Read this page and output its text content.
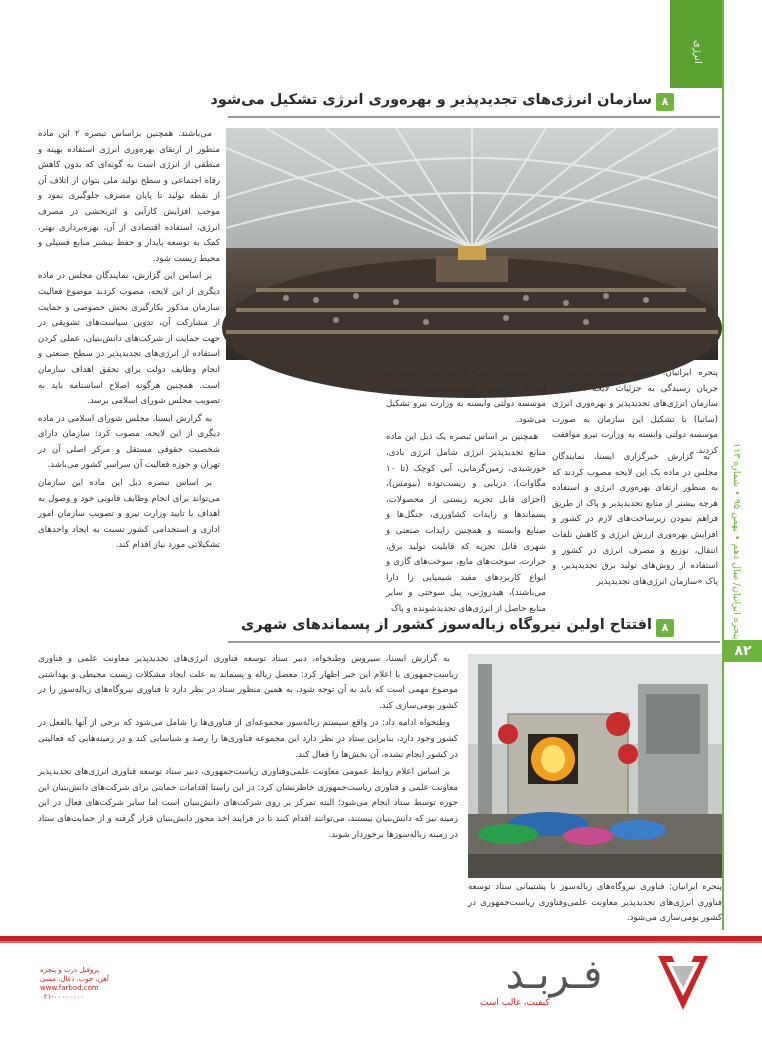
انرژی
پنجره ایرانیان/ سال دهم • بهمن ۹۵ • شماره ۱۱۳
۸۲
۸
سازمان انرژی‌های تجدیدپذیر و بهره‌وری انرژی تشکیل می‌شود
پنجره ایرانیان: مجلس شورای اسلامی در جریان رسیدگی به جزئیات لایحه اساسنامه سازمان انرژی‌های تجدیدپذیر و بهره‌وری انرژی (ساتبا) با تشکیل این سازمان به صورت موسسه دولتی وابسته به وزارت نیرو موافقت کردند.

به گزارش خبرگزاری ایسنا، نمایندگان مجلس در ماده یک این لایحه مصوب کردند که به منظور ارتقای بهره‌وری انرژی و استفاده هرچه بیشتر از منابع تجدیدپذیر و پاک از طریق فراهم نمودن زیرساخت‌های لازم در کشور و افزایش بهره‌وری ارزش انرژی و کاهش تلفات انتقال، توزیع و مصرف انرژی در کشور و استفاده از روش‌های تولید برق تجدیدپذیر، و پاک «سازمان انرژی‌های تجدیدپذیر

و بهره‌وری انرژی» که در این اساسنامه به اختصار «سازمان» نامیده می‌شود، به صورت موسسه دولتی وابسته به وزارت نیرو تشکیل می‌شود.

همچنین بر اساس تبصره یک ذیل این ماده منابع تجدیدپذیر انرژی شامل انرژی بادی، خورشیدی، زمین‌گرمایی، آبی کوچک (تا ۱۰ مگاوات)، دریایی و زیست‌توده (بیومس)، (اجزای قابل تجزیه زیستی از محصولات، پسماندها و زایدات کشاورزی، جنگل‌ها و صنایع وابسته و همچنین زایدات صنعتی و شهری قابل تجزیه که قابلیت تولید برق، حرارت، سوخت‌های مایع، سوخت‌های گازی و انواع کاربردهای مفید شیمیایی را دارا می‌باشند)، هیدروژنی، پیل سوختی و سایر منابع حاصل از انرژی‌های تجدیدشونده و پاک

می‌باشند. همچنین براساس تبصره ۲ این ماده منظور از ارتقای بهره‌وری انرژی استفاده بهینه و منطقی از انرژی است به گونه‌ای که بدون کاهش رفاه اجتماعی و سطح تولید ملی بتوان از اتلاف آن از نقطه تولید تا پایان مصرف جلوگیری نمود و موجب افزایش کارآیی و اثربخشی در مصرف انرژی، استفاده اقتصادی از آن، بهره‌برداری بهتر، کمک به توسعه پایدار و حفظ بیشتر منابع فسیلی و محیط زیست شود.

بر اساس این گزارش، نمایندگان مجلس در ماده دیگری از این لایحه، مصوب کردند موضوع فعالیت سازمان مذکور بکارگیری بخش خصوصی و حمایت از مشارکت آن، تدوین سیاست‌های تشویقی در جهت حمایت از شرکت‌های دانش‌بنیان، عملی کردن استفاده از انرژی‌های تجدیدپذیر در سطح صنعتی و انجام وظایف دولت برای تحقق اهداف سازمان است. همچنین هرگونه اصلاح اساسنامه باید به تصویب مجلس شورای اسلامی برسد.

به گزارش ایسنا، مجلس شورای اسلامی در ماده دیگری از این لایحه، مصوب کرد: سازمان دارای شخصیت حقوقی مستقل و مرکز اصلی آن در تهران و حوزه فعالیت آن سراسر کشور می‌باشد.

بر اساس تبصره ذیل این ماده این سازمان می‌تواند برای انجام وظایف قانونی خود و وصول به اهداف با تایید وزارت نیرو و تصویب سازمان امور اداری و استخدامی کشور نسبت به ایجاد واحدهای تشکیلاتی مورد نیاز اقدام کند.

۸
افتتاح اولین نیروگاه زباله‌سوز کشور از پسماندهای شهری
پنجره ایرانیان: فناوری نیروگاه‌های زباله‌سوز با پشتیبانی ستاد توسعه فناوری انرژی‌های تجدیدپذیر معاونت علمی‌وفناوری ریاست‌جمهوری در کشور بومی‌سازی می‌شود.

به گزارش ایسنا، سیروس وطنخواه، دبیر ستاد توسعه فناوری انرژی‌های تجدیدپذیر معاونت علمی و فناوری ریاست‌جمهوری با اعلام این خبر اظهار کرد: معضل زباله و پسماند به علت ایجاد مشکلات زیست محیطی و بهداشتی موضوع مهمی است که باید به آن توجه شود، به همین منظور ستاد در نظر دارد تا فناوری نیروگاه‌های زباله‌سوز را در کشور بومی‌سازی کند.

وطنخواه ادامه داد: در واقع سیستم زباله‌سوز مجموعه‌ای از فناوری‌ها را شامل می‌شود که برخی از آنها بالفعل در کشور وجود دارد، بنابراین ستاد در نظر دارد این مجموعه فناوری‌ها را رصد و شناسایی کند و در زمینه‌هایی که فعالیتی در کشور انجام نشده، آن بخش‌ها را فعال کند.

بر اساس اعلام روابط عمومی معاونت علمی‌وفناوری ریاست‌جمهوری، دبیر ستاد توسعه فناوری انرژی‌های تجدیدپذیر معاونت علمی و فناوری ریاست‌جمهوری خاطرنشان کرد: در این راستا اقدامات حمایتی برای شرکت‌های دانش‌بنیان این حوزه توسط ستاد انجام می‌شود؛ البته تمرکز بر روی شرکت‌های دانش‌بنیان است اما سایر شرکت‌های فعال در این زمینه نیز که دانش‌بنیان نیستند، می‌توانند اقدام کنند تا در فرایند اخذ مجوز دانش‌بنیان قرار گرفته و از حمایت‌های ستاد در زمینه زباله‌سوزها برخوردار شوند.

فـربـد
کیفیت، غالب است
پروفیل درب و پنجره
آهن، چوب، ذغال، مسی
www.farbod.com
۰۲۱-۰۰۰۰۰۰۰۰
